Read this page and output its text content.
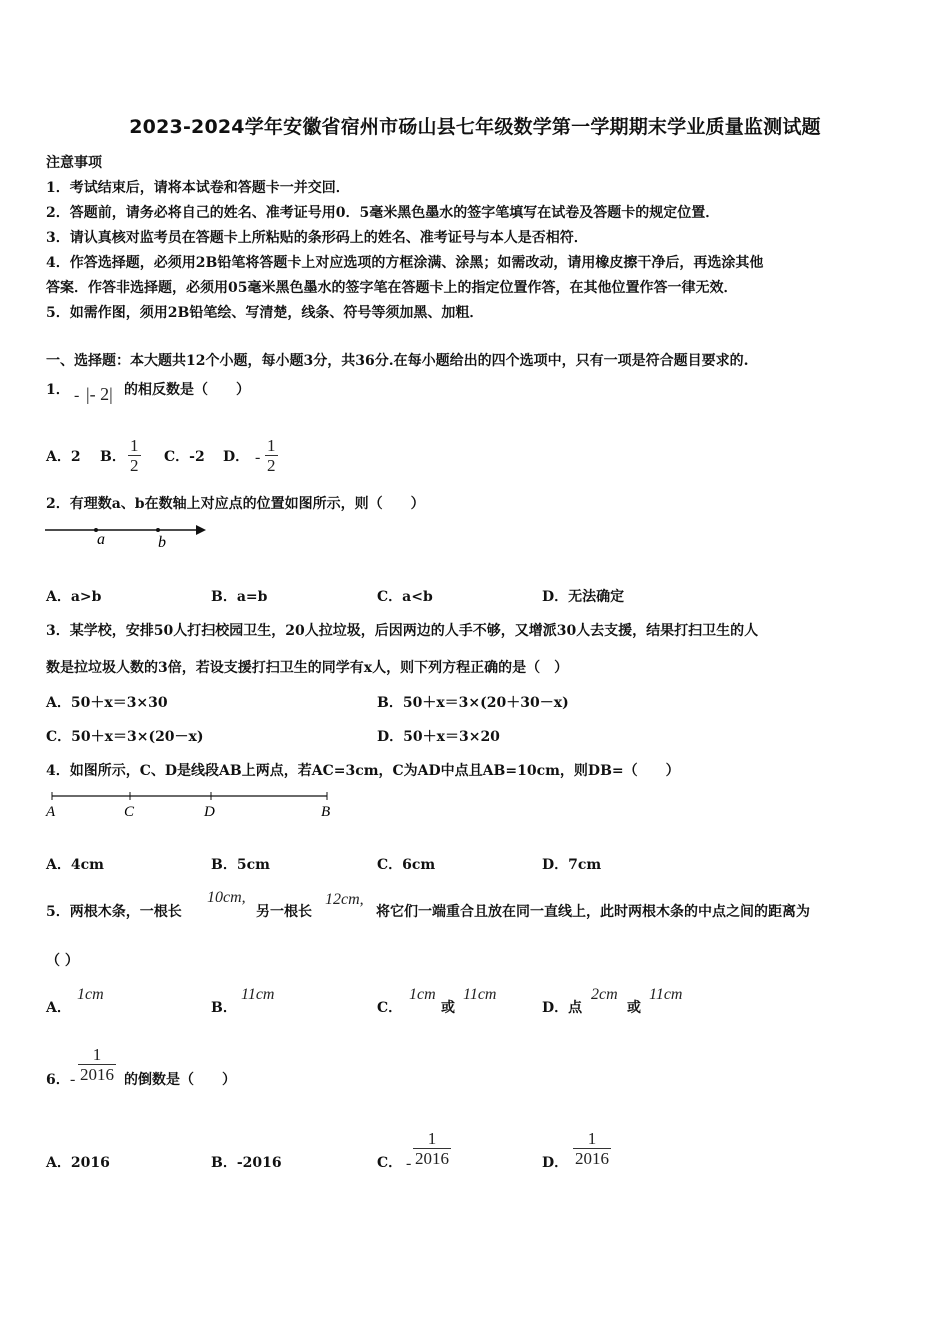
2023-2024学年安徽省宿州市砀山县七年级数学第一学期期末学业质量监测试题
注意事项
1．考试结束后，请将本试卷和答题卡一并交回．
2．答题前，请务必将自己的姓名、准考证号用0．5毫米黑色墨水的签字笔填写在试卷及答题卡的规定位置．
3．请认真核对监考员在答题卡上所粘贴的条形码上的姓名、准考证号与本人是否相符．
4．作答选择题，必须用2B铅笔将答题卡上对应选项的方框涂满、涂黑；如需改动，请用橡皮擦干净后，再选涂其他
答案．作答非选择题，必须用05毫米黑色墨水的签字笔在答题卡上的指定位置作答，在其他位置作答一律无效．
5．如需作图，须用2B铅笔绘、写清楚，线条、符号等须加黑、加粗．
一、选择题：本大题共12个小题，每小题3分，共36分.在每小题给出的四个选项中，只有一项是符合题目要求的.
1． - |- 2| 的相反数是（　　）
A．2 B． $\frac{1}{2}$ C．-2 D． - $\frac{1}{2}$
2．有理数a、b在数轴上对应点的位置如图所示，则（　　）
a	b
A．a>b	B．a=b	C．a<b	D．无法确定
3．某学校，安排50人打扫校园卫生，20人拉垃圾，后因两边的人手不够，又增派30人去支援，结果打扫卫生的人
数是拉垃圾人数的3倍，若设支援打扫卫生的同学有x人，则下列方程正确的是（　）
A．50＋x＝3×30	B．50＋x＝3×(20＋30－x)
C．50＋x＝3×(20－x)	D．50＋x＝3×20
4．如图所示，C、D是线段AB上两点，若AC=3cm，C为AD中点且AB=10cm，则DB=（　　）
A	C	D	B
A．4cm	B．5cm	C．6cm	D．7cm
5．两根木条，一根长
10cm,
另一根长
12cm,
将它们一端重合且放在同一直线上，此时两根木条的中点之间的距离为
（ ）
A．
1cm
B．
11cm
C．
1cm
或
11cm
D．点
2cm
或
11cm
6． - $\frac{1}{2016}$ 的倒数是（　　）
A．2016	B．-2016	C． - $\frac{1}{2016}$	D． $\frac{1}{2016}$
